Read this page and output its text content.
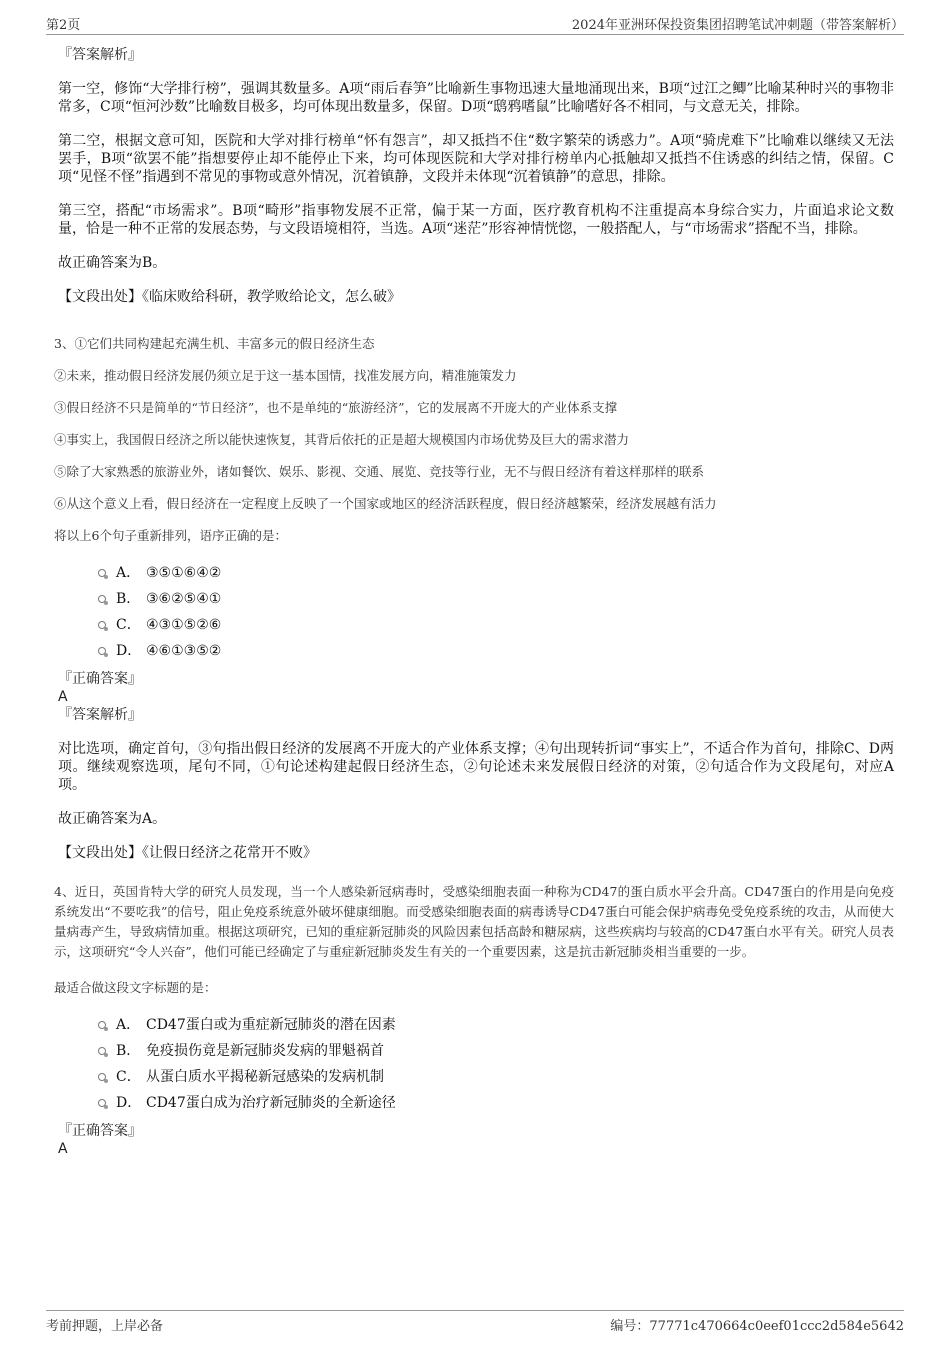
第2页	2024年亚洲环保投资集团招聘笔试冲刺题（带答案解析）

『答案解析』

第一空，修饰“大学排行榜”，强调其数量多。A项“雨后春笋”比喻新生事物迅速大量地涌现出来，B项“过江之鲫”比喻某种时兴的事物非常多，C项“恒河沙数”比喻数目极多，均可体现出数量多，保留。D项“鸱鸦嗜鼠”比喻嗜好各不相同，与文意无关，排除。

第二空，根据文意可知，医院和大学对排行榜单“怀有怨言”，却又抵挡不住“数字繁荣的诱惑力”。A项“骑虎难下”比喻难以继续又无法罢手，B项“欲罢不能”指想要停止却不能停止下来，均可体现医院和大学对排行榜单内心抵触却又抵挡不住诱惑的纠结之情，保留。C项“见怪不怪”指遇到不常见的事物或意外情况，沉着镇静，文段并未体现“沉着镇静”的意思，排除。

第三空，搭配“市场需求”。B项“畸形”指事物发展不正常，偏于某一方面，医疗教育机构不注重提高本身综合实力，片面追求论文数量，恰是一种不正常的发展态势，与文段语境相符，当选。A项“迷茫”形容神情恍惚，一般搭配人，与“市场需求”搭配不当，排除。

故正确答案为B。

【文段出处】《临床败给科研，教学败给论文，怎么破》

3、①它们共同构建起充满生机、丰富多元的假日经济生态

②未来，推动假日经济发展仍须立足于这一基本国情，找准发展方向，精准施策发力

③假日经济不只是简单的“节日经济”，也不是单纯的“旅游经济”，它的发展离不开庞大的产业体系支撑

④事实上，我国假日经济之所以能快速恢复，其背后依托的正是超大规模国内市场优势及巨大的需求潜力

⑤除了大家熟悉的旅游业外，诸如餐饮、娱乐、影视、交通、展览、竞技等行业，无不与假日经济有着这样那样的联系

⑥从这个意义上看，假日经济在一定程度上反映了一个国家或地区的经济活跃程度，假日经济越繁荣，经济发展越有活力

将以上6个句子重新排列，语序正确的是：

A． ③⑤①⑥④②
B． ③⑥②⑤④①
C． ④③①⑤②⑥
D． ④⑥①③⑤②

『正确答案』

A

『答案解析』

对比选项，确定首句，③句指出假日经济的发展离不开庞大的产业体系支撑；④句出现转折词“事实上”，不适合作为首句，排除C、D两项。继续观察选项，尾句不同，①句论述构建起假日经济生态，②句论述未来发展假日经济的对策，②句适合作为文段尾句，对应A项。

故正确答案为A。

【文段出处】《让假日经济之花常开不败》

4、近日，英国肯特大学的研究人员发现，当一个人感染新冠病毒时，受感染细胞表面一种称为CD47的蛋白质水平会升高。CD47蛋白的作用是向免疫系统发出“不要吃我”的信号，阻止免疫系统意外破坏健康细胞。而受感染细胞表面的病毒诱导CD47蛋白可能会保护病毒免受免疫系统的攻击，从而使大量病毒产生，导致病情加重。根据这项研究，已知的重症新冠肺炎的风险因素包括高龄和糖尿病，这些疾病均与较高的CD47蛋白水平有关。研究人员表示，这项研究“令人兴奋”，他们可能已经确定了与重症新冠肺炎发生有关的一个重要因素，这是抗击新冠肺炎相当重要的一步。

最适合做这段文字标题的是：

A． CD47蛋白或为重症新冠肺炎的潜在因素
B． 免疫损伤竟是新冠肺炎发病的罪魁祸首
C． 从蛋白质水平揭秘新冠感染的发病机制
D． CD47蛋白成为治疗新冠肺炎的全新途径

『正确答案』

A

考前押题，上岸必备	编号：77771c470664c0eef01ccc2d584e5642
